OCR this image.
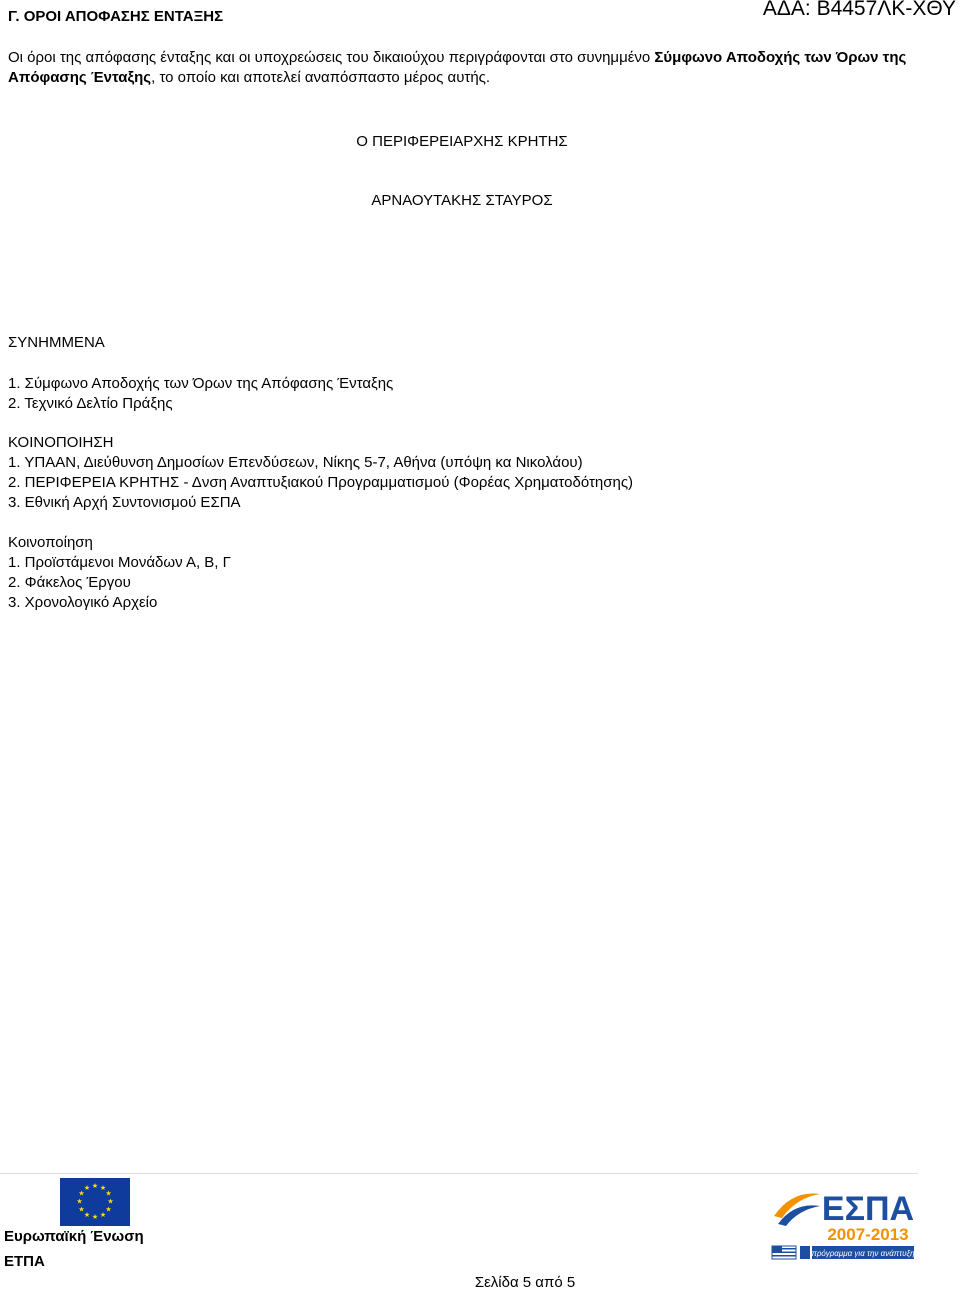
Γ. ΟΡΟΙ ΑΠΟΦΑΣΗΣ ΕΝΤΑΞΗΣ	ΑΔΑ: Β4457ΛΚ-ΧΘΥ
Οι όροι της απόφασης ένταξης και οι υποχρεώσεις του δικαιούχου περιγράφονται στο συνημμένο Σύμφωνο Αποδοχής των Όρων της Απόφασης Ένταξης, το οποίο και αποτελεί αναπόσπαστο μέρος αυτής.
Ο ΠΕΡΙΦΕΡΕΙΑΡΧΗΣ ΚΡΗΤΗΣ
ΑΡΝΑΟΥΤΑΚΗΣ ΣΤΑΥΡΟΣ
ΣΥΝΗΜΜΕΝΑ
1. Σύμφωνο Αποδοχής των Όρων της Απόφασης Ένταξης
2. Τεχνικό Δελτίο Πράξης
ΚΟΙΝΟΠΟΙΗΣΗ
1. ΥΠΑΑΝ, Διεύθυνση Δημοσίων Επενδύσεων, Νίκης 5-7, Αθήνα (υπόψη κα Νικολάου)
2. ΠΕΡΙΦΕΡΕΙΑ ΚΡΗΤΗΣ - Δνση Αναπτυξιακού Προγραμματισμού (Φορέας Χρηματοδότησης)
3. Εθνική Αρχή Συντονισμού ΕΣΠΑ
Κοινοποίηση
1. Προϊστάμενοι Μονάδων Α, Β, Γ
2. Φάκελος Έργου
3. Χρονολογικό Αρχείο
★ ★
★
★
★
★
★
★
★
★
★
★
Ευρωπαϊκή Ένωση
ΕΤΠΑ
Σελίδα 5 από 5
ΕΣΠΑ
2007-2013
πρόγραμμα για την ανάπτυξη
